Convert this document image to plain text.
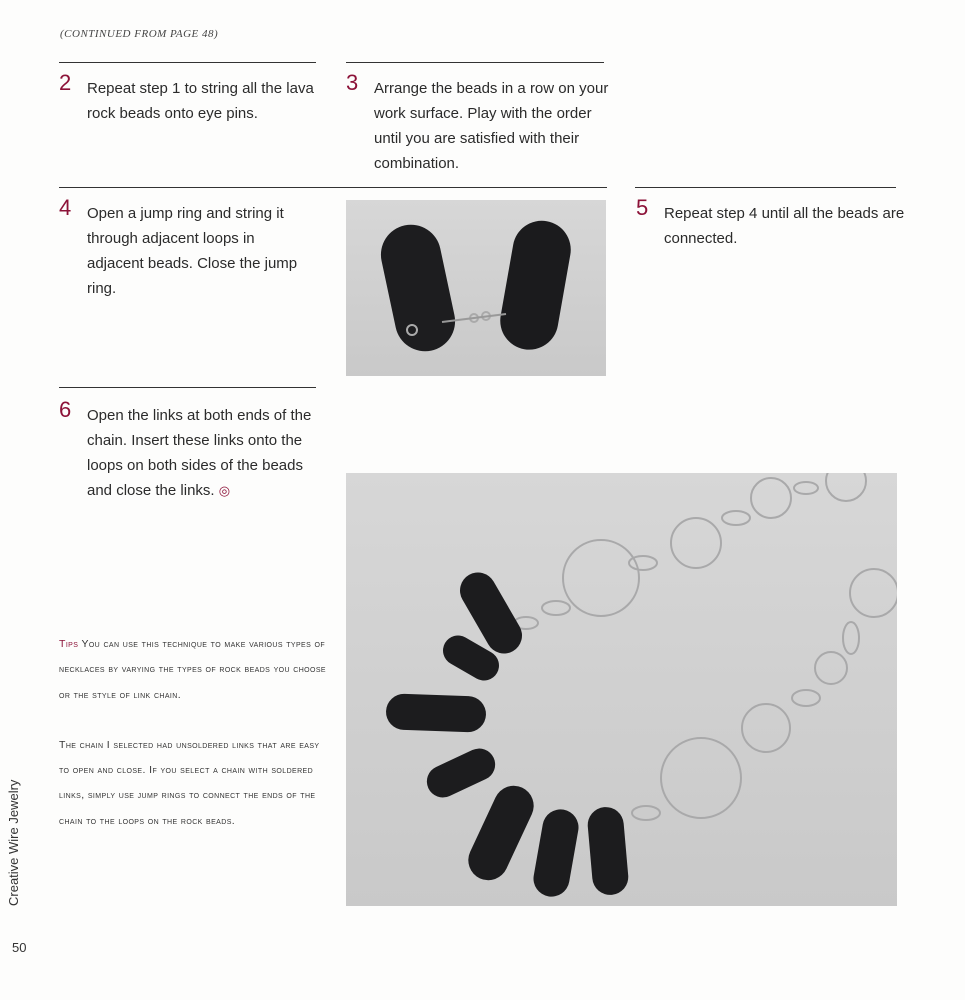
(CONTINUED FROM PAGE 48)
2 Repeat step 1 to string all the lava rock beads onto eye pins.
3 Arrange the beads in a row on your work surface. Play with the order until you are satisfied with their combination.
4 Open a jump ring and string it through adjacent loops in adjacent beads. Close the jump ring.
5 Repeat step 4 until all the beads are connected.
6 Open the links at both ends of the chain. Insert these links onto the loops on both sides of the beads and close the links. ◎

Tips You can use this technique to make various types of necklaces by varying the types of rock beads you choose or the style of link chain.

The chain I selected had unsoldered links that are easy to open and close. If you select a chain with soldered links, simply use jump rings to connect the ends of the chain to the loops on the rock beads.

Creative Wire Jewelry
50
